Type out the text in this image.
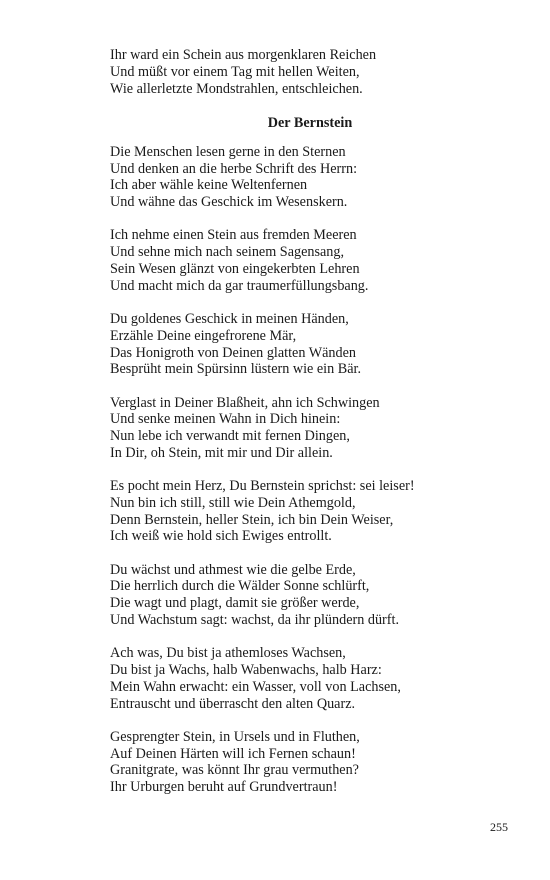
Ihr ward ein Schein aus morgenklaren Reichen
Und müßt vor einem Tag mit hellen Weiten,
Wie allerletzte Mondstrahlen, entschleichen.
Der Bernstein
Die Menschen lesen gerne in den Sternen
Und denken an die herbe Schrift des Herrn:
Ich aber wähle keine Weltenfernen
Und wähne das Geschick im Wesenskern.
Ich nehme einen Stein aus fremden Meeren
Und sehne mich nach seinem Sagensang,
Sein Wesen glänzt von eingekerbten Lehren
Und macht mich da gar traumerfüllungsbang.
Du goldenes Geschick in meinen Händen,
Erzähle Deine eingefrorene Mär,
Das Honigroth von Deinen glatten Wänden
Besprüht mein Spürsinn lüstern wie ein Bär.
Verglast in Deiner Blaßheit, ahn ich Schwingen
Und senke meinen Wahn in Dich hinein:
Nun lebe ich verwandt mit fernen Dingen,
In Dir, oh Stein, mit mir und Dir allein.
Es pocht mein Herz, Du Bernstein sprichst: sei leiser!
Nun bin ich still, still wie Dein Athemgold,
Denn Bernstein, heller Stein, ich bin Dein Weiser,
Ich weiß wie hold sich Ewiges entrollt.
Du wächst und athmest wie die gelbe Erde,
Die herrlich durch die Wälder Sonne schlürft,
Die wagt und plagt, damit sie größer werde,
Und Wachstum sagt: wachst, da ihr plündern dürft.
Ach was, Du bist ja athemloses Wachsen,
Du bist ja Wachs, halb Wabenwachs, halb Harz:
Mein Wahn erwacht: ein Wasser, voll von Lachsen,
Entrauscht und überrascht den alten Quarz.
Gesprengter Stein, in Ursels und in Fluthen,
Auf Deinen Härten will ich Fernen schaun!
Granitgrate, was könnt Ihr grau vermuthen?
Ihr Urburgen beruht auf Grundvertraun!
255
